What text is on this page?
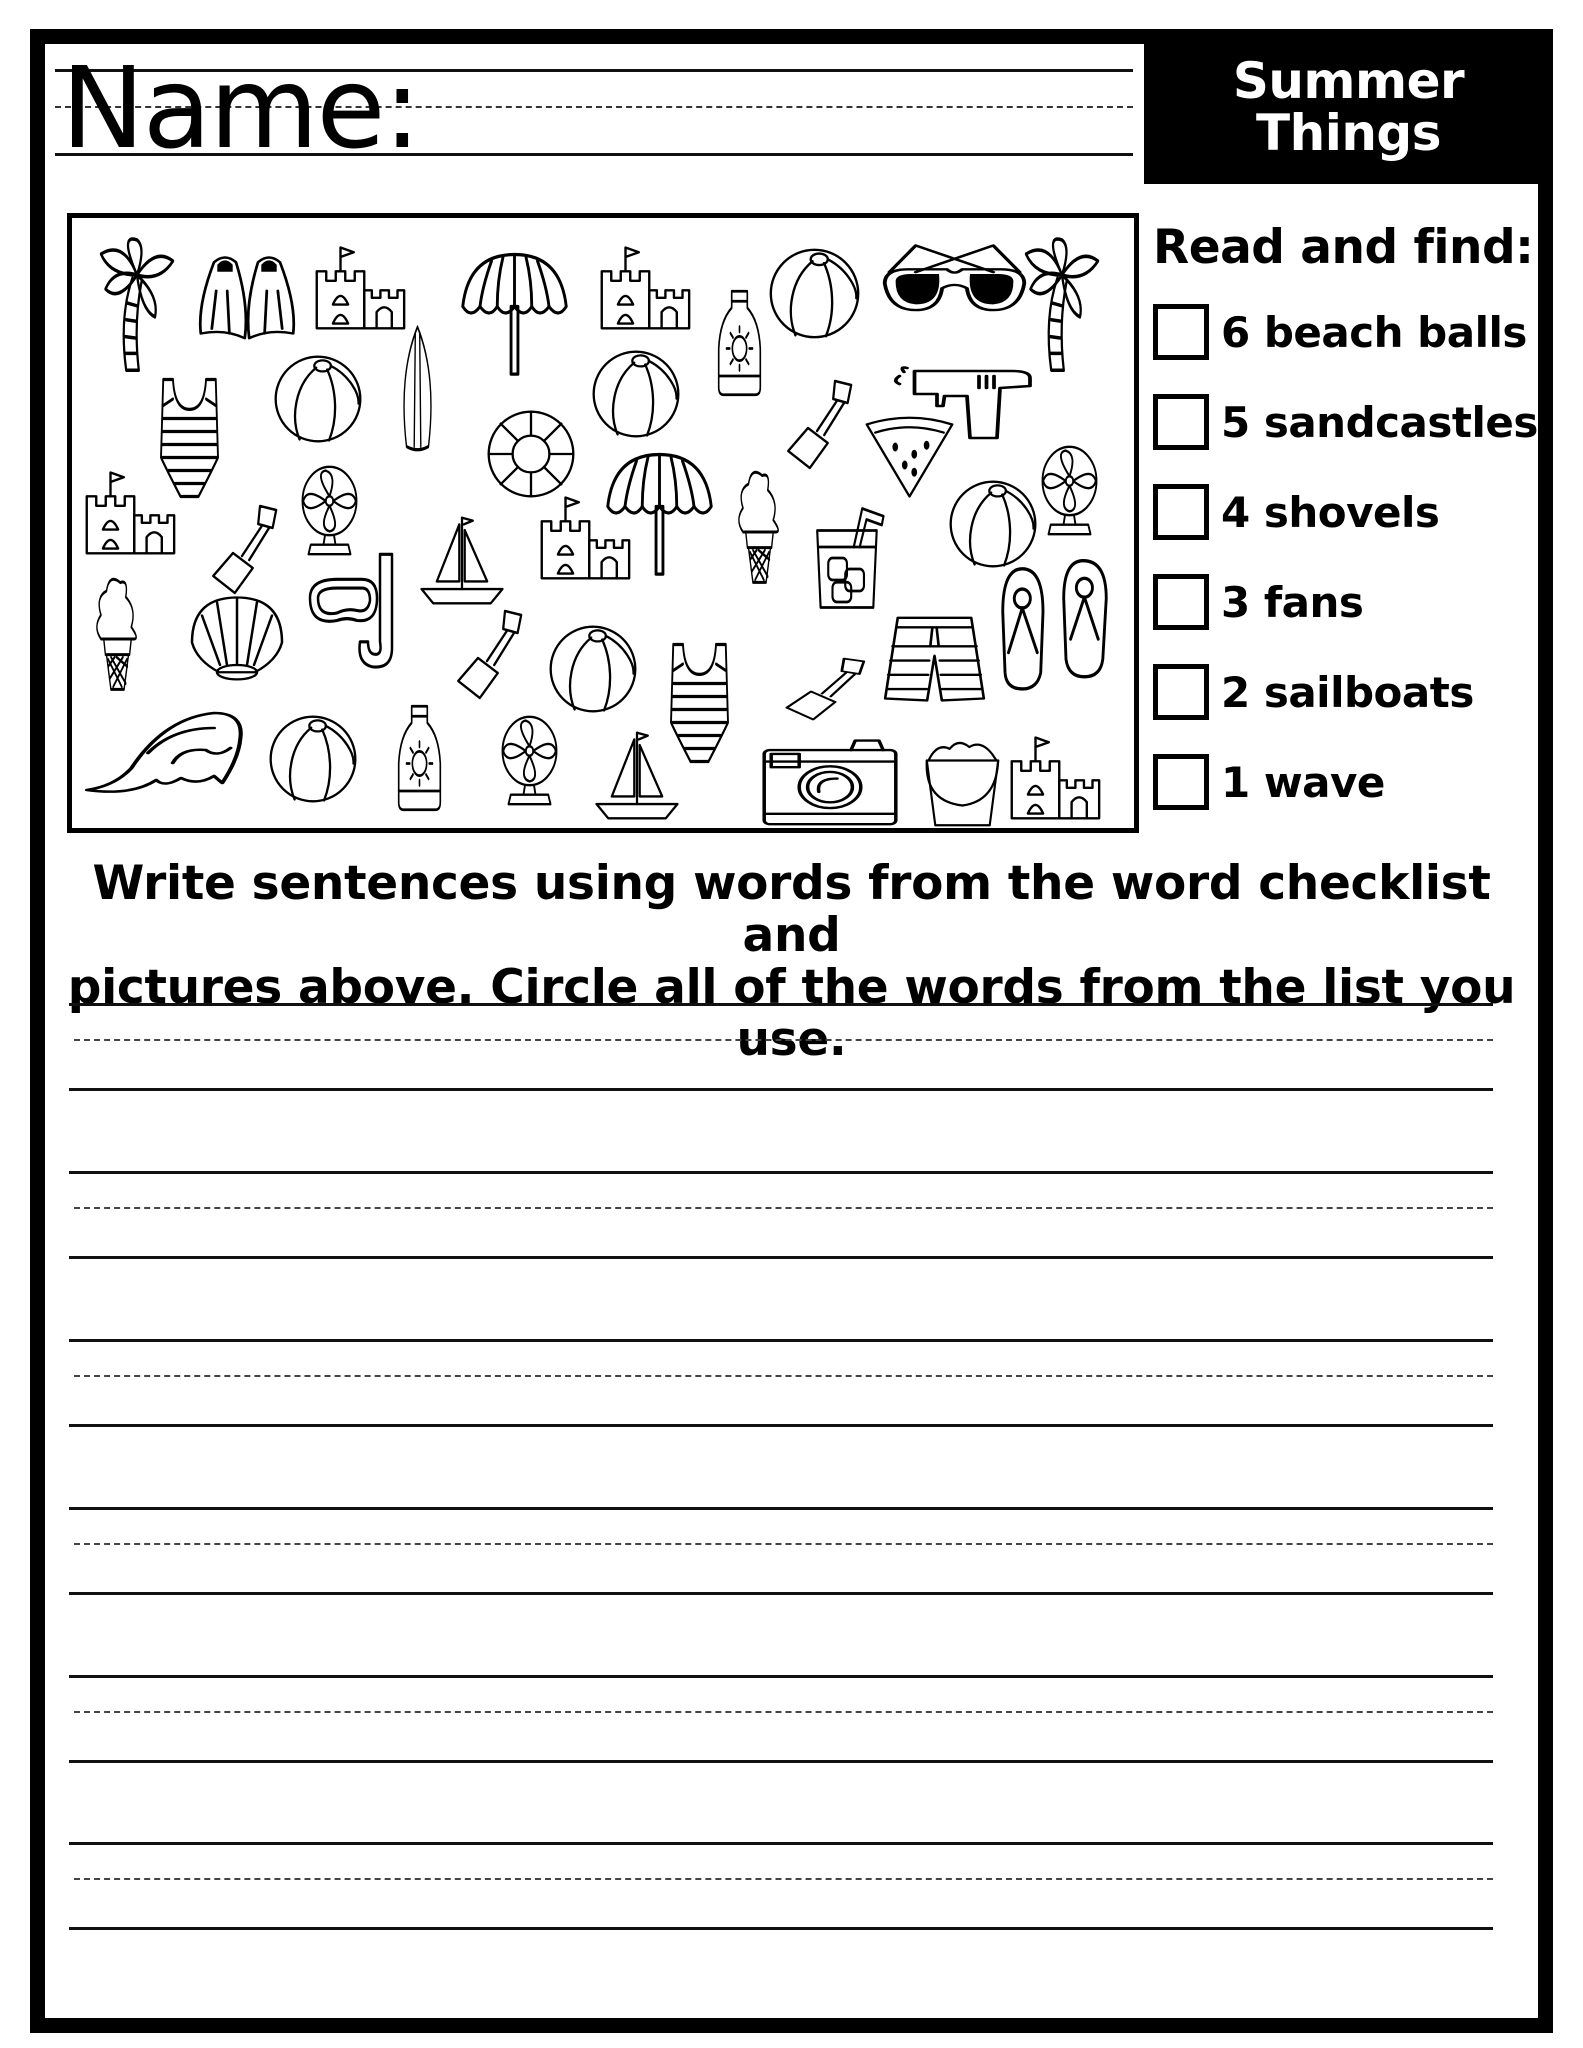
Name:	Summer
Things
Read and find:
6 beach balls
5 sandcastles
4 shovels
3 fans
2 sailboats
1 wave
Write sentences using words from the word checklist and
pictures above. Circle all of the words from the list you use.
© A. Magee, firstgradebrain.com
